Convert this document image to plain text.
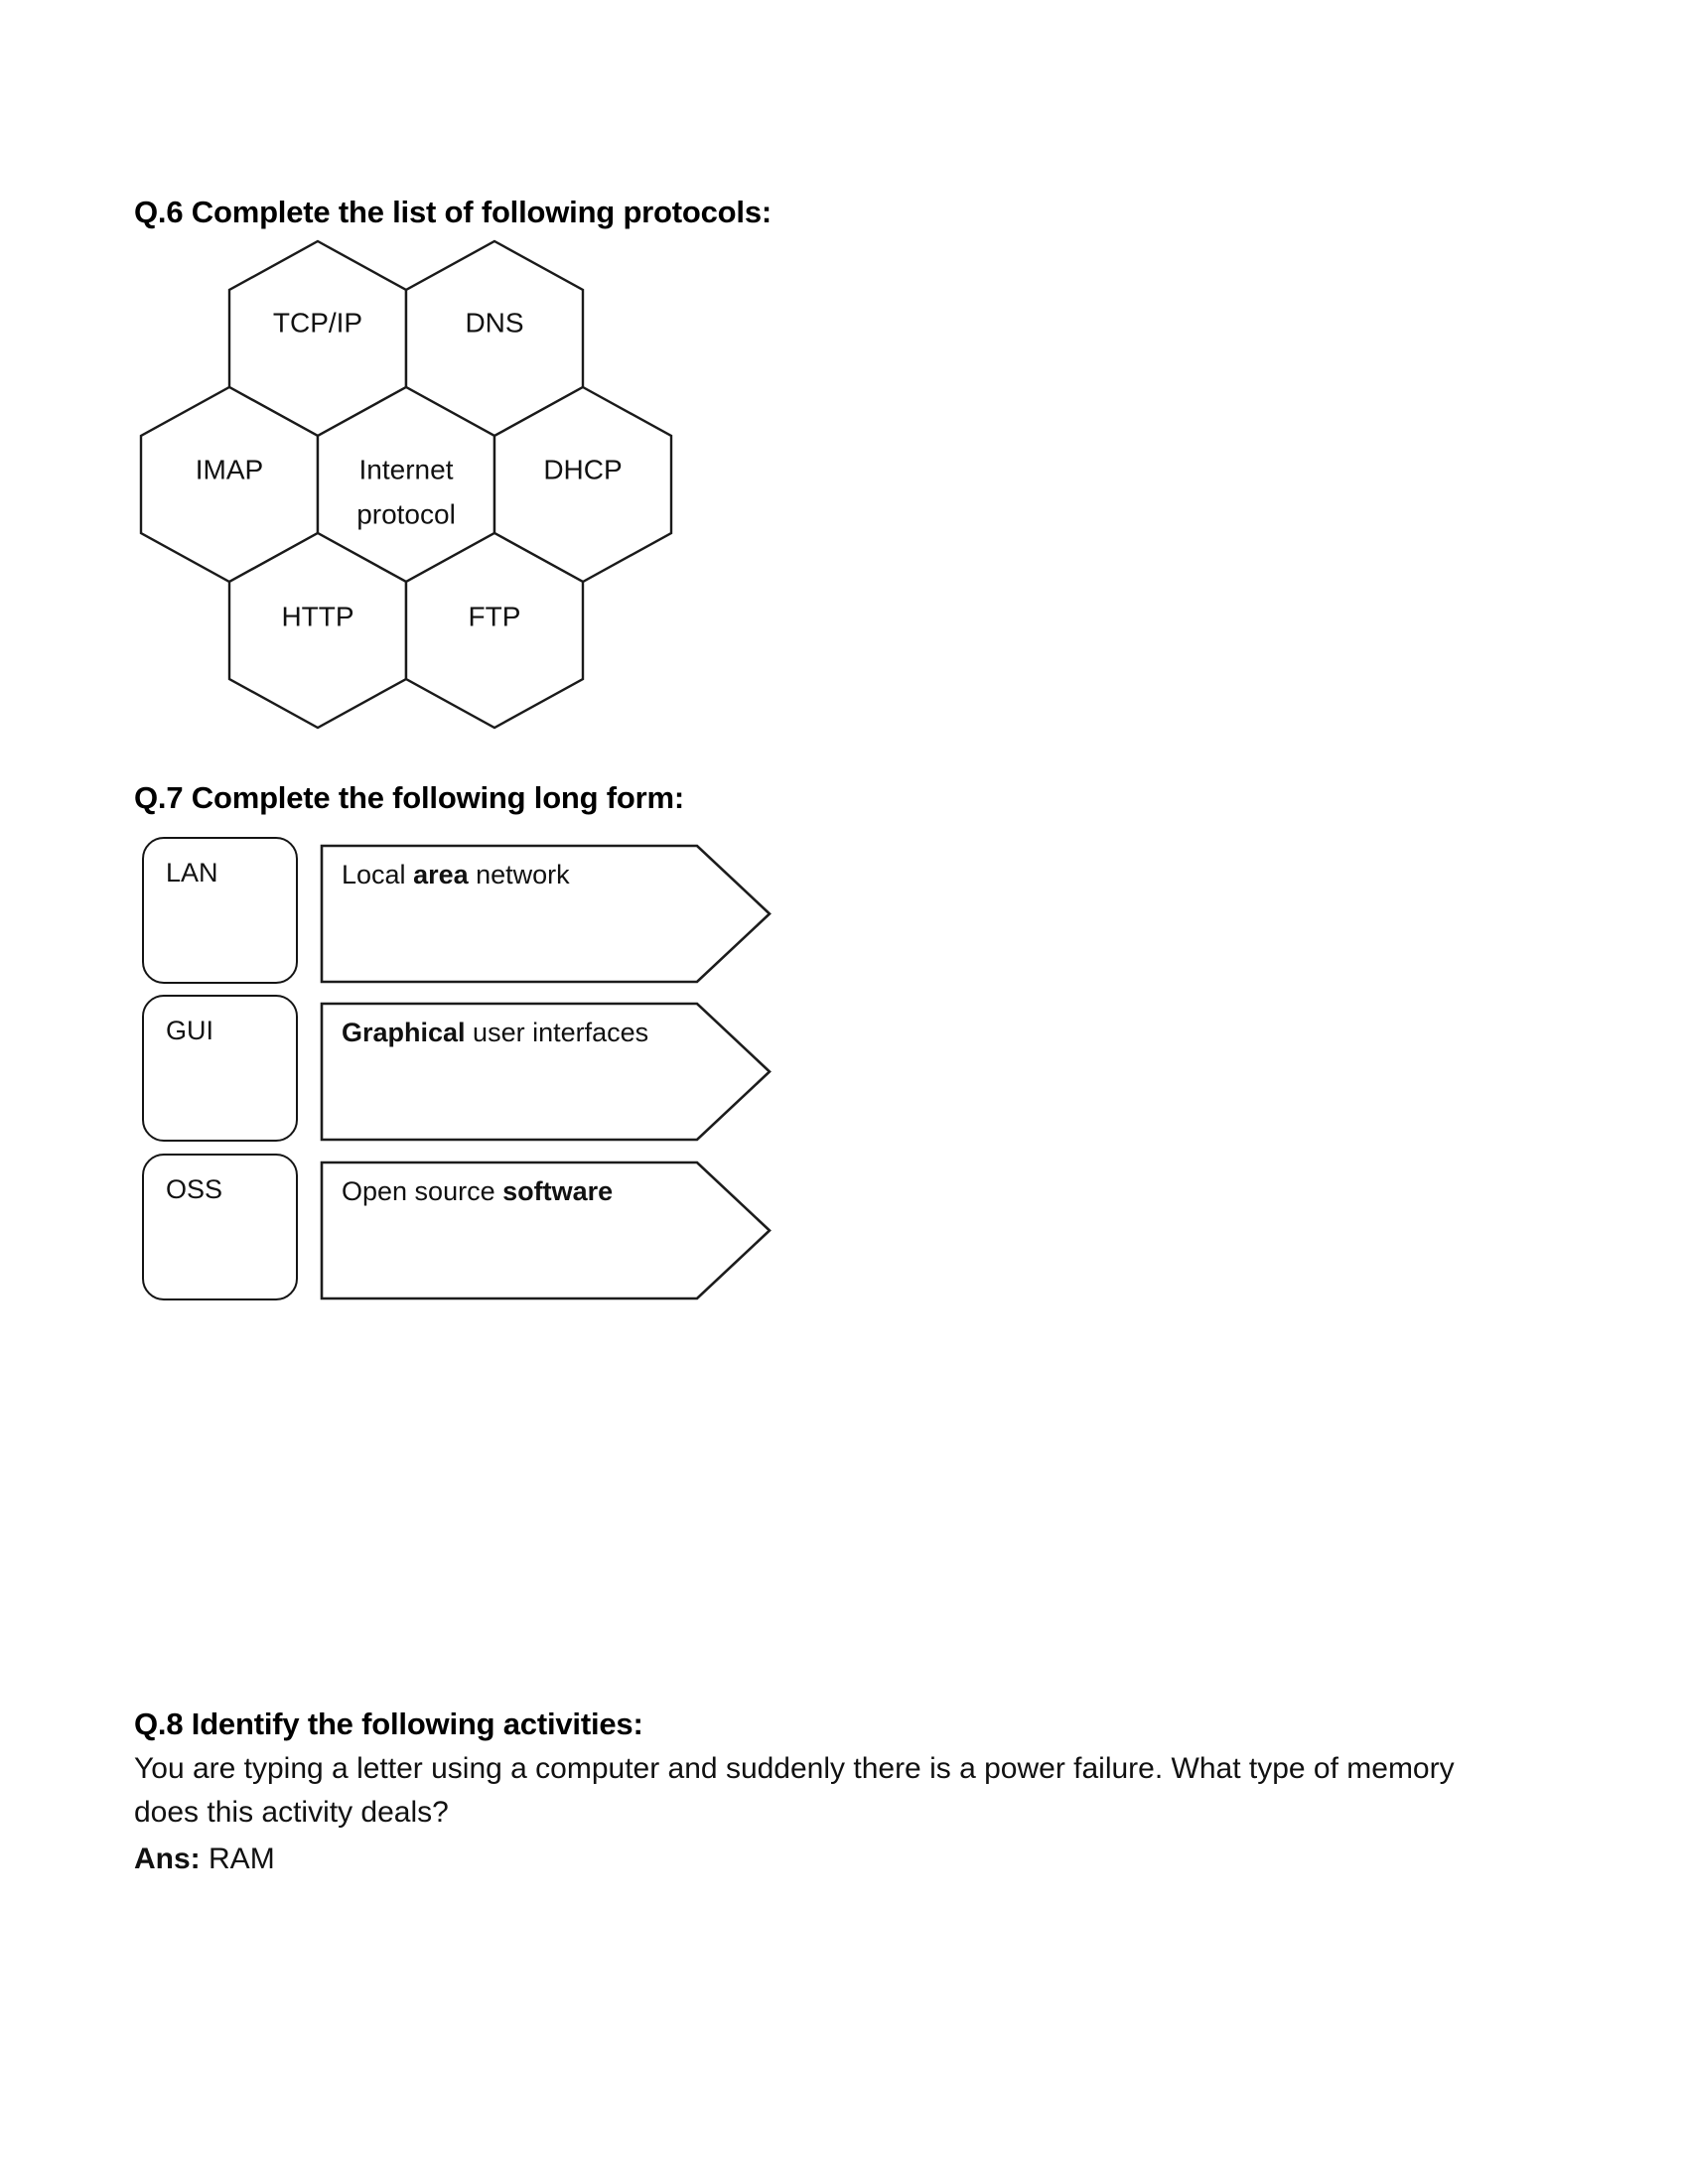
Q.6 Complete the list of following protocols:
TCP/IP	DNS
IMAP	Internet
protocol
DHCP
HTTP	FTP
Q.7 Complete the following long form:
LAN	Local area network
GUI	Graphical user interfaces
OSS	Open source software
Q.8 Identify the following activities:
You are typing a letter using a computer and suddenly there is a power failure. What type of memory does this activity deals?
Ans: RAM
